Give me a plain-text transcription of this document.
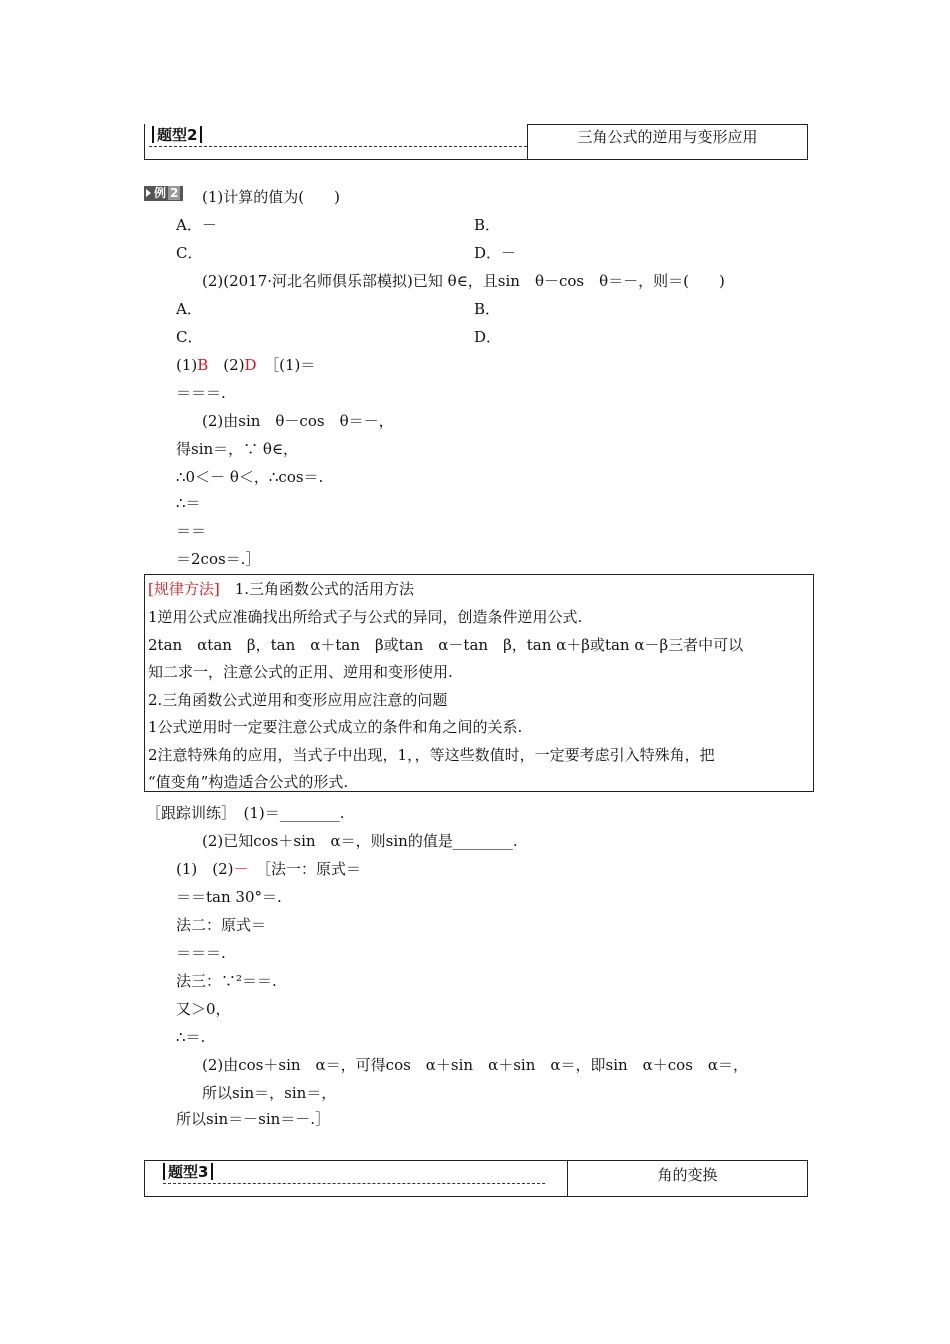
题型2	三角公式的逆用与变形应用
例 2	(1)计算的值为(　　)
A．－	B．
C．	D．－
(2)(2017·河北名师俱乐部模拟)已知 θ∈，且sin　θ－cos　θ＝－，则＝(　　)
A．	B．
C．	D．
(1)B　 (2)D　 ［(1)＝
＝＝＝.
(2)由sin　θ－cos　θ＝－，
得sin＝，∵ θ∈，
∴0＜－ θ＜，∴cos＝.
∴＝
＝＝
＝2cos＝.］
[规律方法]　 1.三角函数公式的活用方法
1逆用公式应准确找出所给式子与公式的异同，创造条件逆用公式.
2tan　αtan　β，tan　α＋tan　β或tan　α－tan　β，tan α＋β或tan α－β三者中可以
知二求一，注意公式的正用、逆用和变形使用.
2.三角函数公式逆用和变形应用应注意的问题
1公式逆用时一定要注意公式成立的条件和角之间的关系.
2注意特殊角的应用，当式子中出现，1，，等这些数值时，一定要考虑引入特殊角，把
“值变角”构造适合公式的形式.
［跟踪训练］　(1)＝________.
(2)已知cos＋sin　α＝，则sin的值是________.
(1)　(2)－　 ［法一：原式＝
＝＝tan 30°＝.
法二：原式＝
＝＝＝.
法三：∵²＝＝.
又＞0，
∴＝.
(2)由cos＋sin　α＝，可得cos　α＋sin　α＋sin　α＝，即sin　α＋cos　α＝，
所以sin＝，sin＝，
所以sin＝－sin＝－.］
题型3	角的变换
